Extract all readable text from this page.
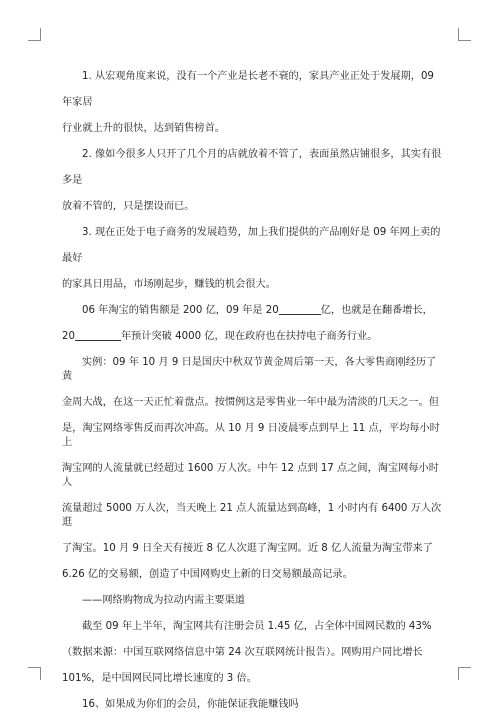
1. 从宏观角度来说，没有一个产业是长老不衰的，家具产业正处于发展期，09

年家居

行业就上升的很快，达到销售榜首。

2. 像如今很多人只开了几个月的店就放着不管了，表面虽然店铺很多，其实有很

多是

放着不管的，只是摆设而已。

3. 现在正处于电子商务的发展趋势，加上我们提供的产品刚好是 09 年网上卖的

最好

的家具日用品，市场刚起步，赚钱的机会很大。

06 年淘宝的销售额是 200 亿，09 年是 20	亿，也就是在翻番增长，

20	年预计突破 4000 亿，现在政府也在扶持电子商务行业。

实例：09 年 10 月 9 日是国庆中秋双节黄金周后第一天，各大零售商刚经历了黄

金周大战，在这一天正忙着盘点。按惯例这是零售业一年中最为清淡的几天之一。但

是，淘宝网络零售反而再次冲高。从 10 月 9 日凌晨零点到早上 11 点，平均每小时上

淘宝网的人流量就已经超过 1600 万人次。中午 12 点到 17 点之间，淘宝网每小时人

流量超过 5000 万人次，当天晚上 21 点人流量达到高峰，1 小时内有 6400 万人次逛

了淘宝。10 月 9 日全天有接近 8 亿人次逛了淘宝网。近 8 亿人流量为淘宝带来了

6.26 亿的交易额，创造了中国网购史上新的日交易额最高记录。

——网络购物成为拉动内需主要渠道

截至 09 年上半年，淘宝网共有注册会员 1.45 亿，占全体中国网民数的 43%

（数据来源：中国互联网络信息中第 24 次互联网统计报告）。网购用户同比增长

101%，是中国网民同比增长速度的 3 倍。

16、如果成为你们的会员，你能保证我能赚钱吗
